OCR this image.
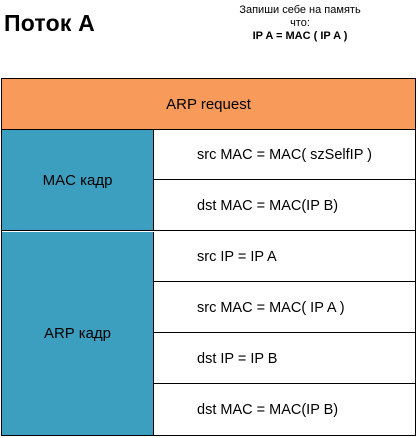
Поток А	Запиши себе на память
что:
IP A = MAC ( IP A )
ARP request
MAC кадр
src MAC = MAC( szSelfIP )
dst MAC = MAC(IP B)
ARP кадр
src IP = IP A
src MAC = MAC( IP A )
dst IP = IP B
dst MAC = MAC(IP B)
